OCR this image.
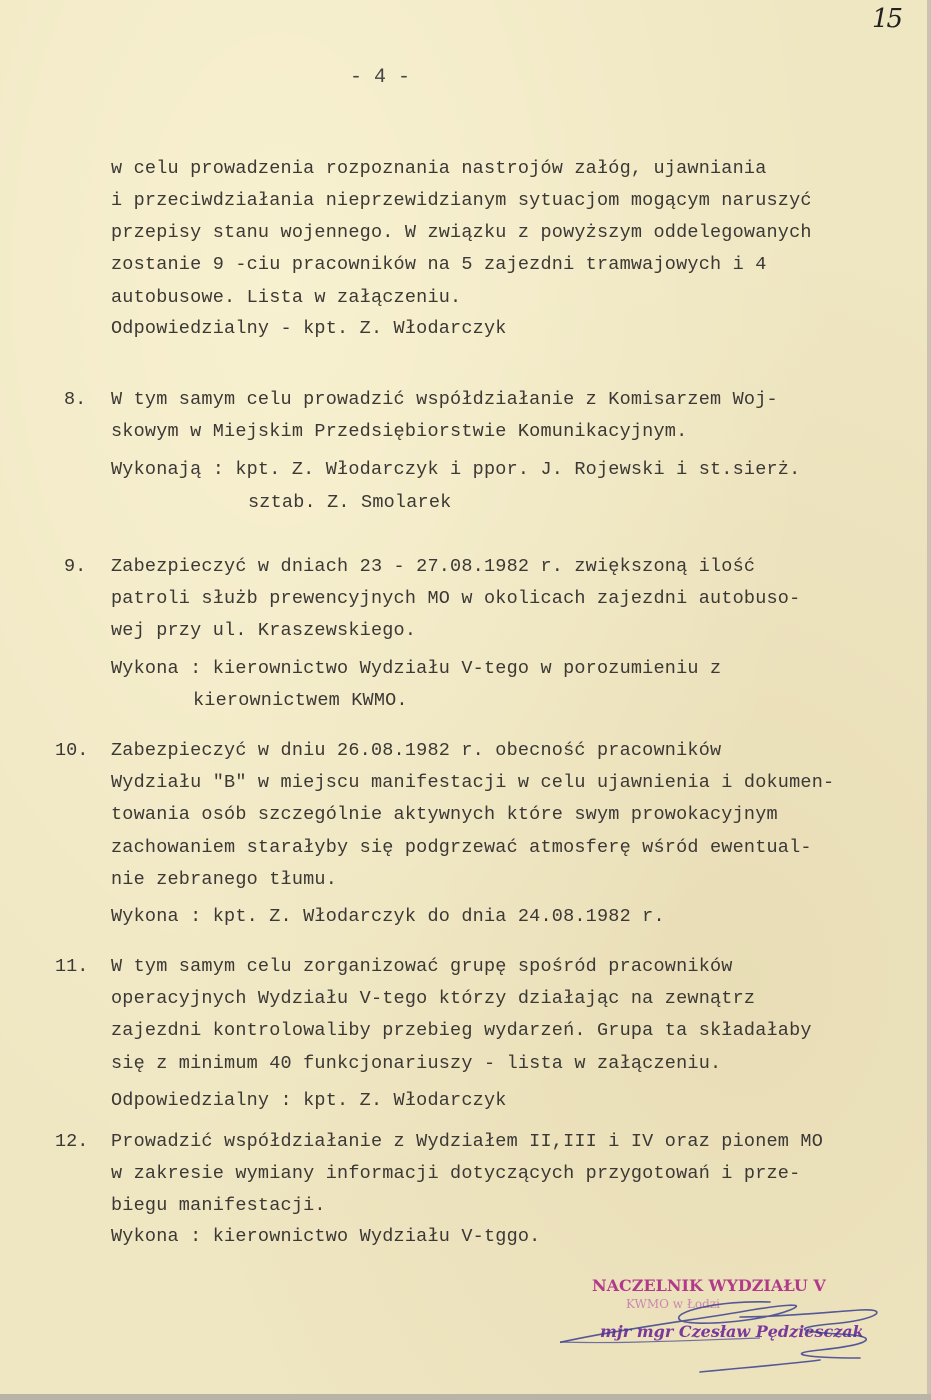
15
- 4 -
w celu prowadzenia rozpoznania nastrojów załóg, ujawniania
i przeciwdziałania nieprzewidzianym sytuacjom mogącym naruszyć
przepisy stanu wojennego. W związku z powyższym oddelegowanych
zostanie 9 -ciu pracowników na 5 zajezdni tramwajowych i 4
autobusowe. Lista w załączeniu.
Odpowiedzialny - kpt. Z. Włodarczyk
8. W tym samym celu prowadzić współdziałanie z Komisarzem Woj-
skowym w Miejskim Przedsiębiorstwie Komunikacyjnym.
Wykonają : kpt. Z. Włodarczyk i ppor. J. Rojewski i st.sierż.
sztab. Z. Smolarek
9. Zabezpieczyć w dniach 23 - 27.08.1982 r. zwiększoną ilość
patroli służb prewencyjnych MO w okolicach zajezdni autobuso-
wej przy ul. Kraszewskiego.
Wykona : kierownictwo Wydziału V-tego w porozumieniu z
kierownictwem KWMO.
10. Zabezpieczyć w dniu 26.08.1982 r. obecność pracowników
Wydziału "B" w miejscu manifestacji w celu ujawnienia i dokumen-
towania osób szczególnie aktywnych które swym prowokacyjnym
zachowaniem starałyby się podgrzewać atmosferę wśród ewentual-
nie zebranego tłumu.
Wykona : kpt. Z. Włodarczyk do dnia 24.08.1982 r.
11. W tym samym celu zorganizować grupę spośród pracowników
operacyjnych Wydziału V-tego którzy działając na zewnątrz
zajezdni kontrolowaliby przebieg wydarzeń. Grupa ta składałaby
się z minimum 40 funkcjonariuszy - lista w załączeniu.
Odpowiedzialny : kpt. Z. Włodarczyk
12. Prowadzić współdziałanie z Wydziałem II,III i IV oraz pionem MO
w zakresie wymiany informacji dotyczących przygotowań i prze-
biegu manifestacji.
Wykona : kierownictwo Wydziału V-tggo.
NACZELNIK WYDZIAŁU V
KWMO w Łodzi
mjr mgr Czesław Pędziesczak
